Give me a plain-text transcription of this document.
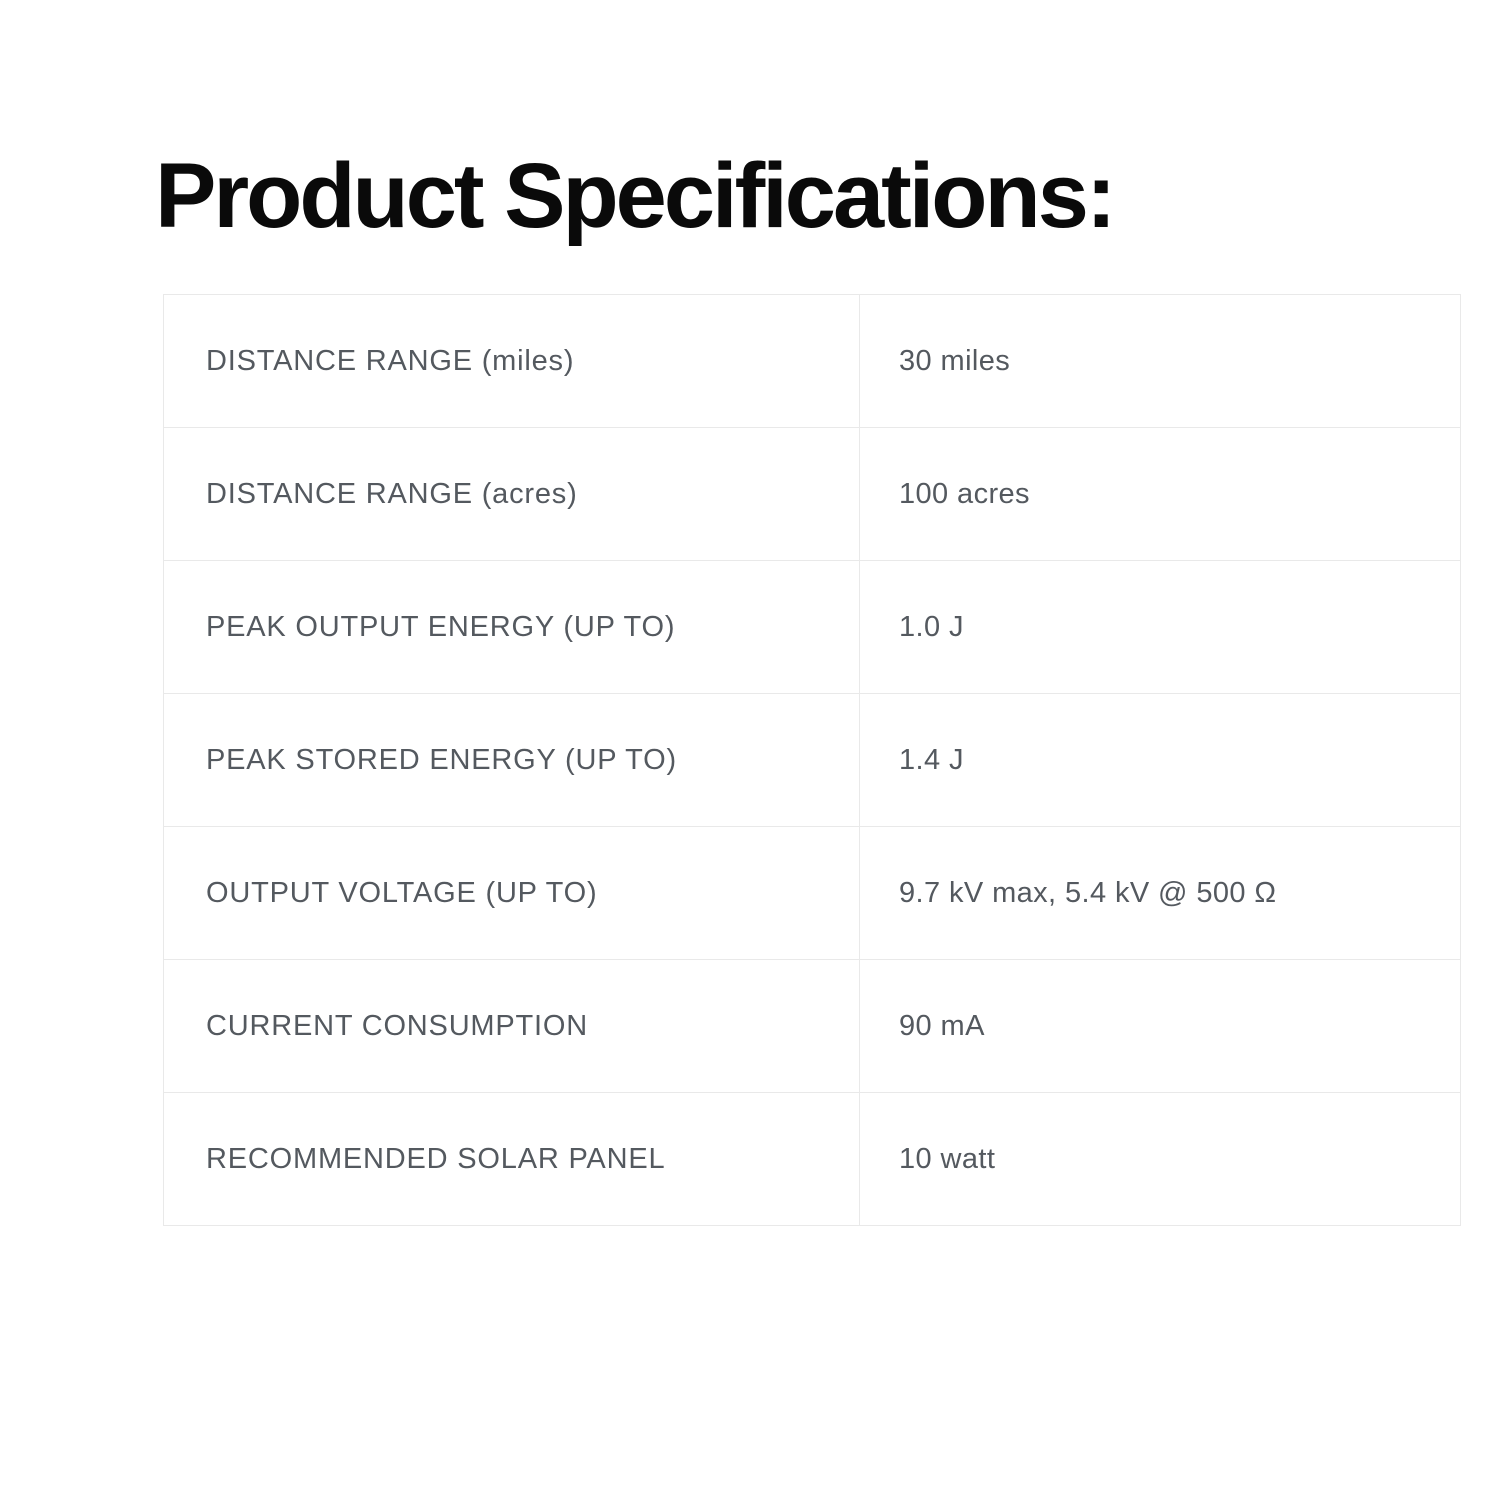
Product Specifications:
DISTANCE RANGE (miles)	30 miles
DISTANCE RANGE (acres)	100 acres
PEAK OUTPUT ENERGY (UP TO)	1.0 J
PEAK STORED ENERGY (UP TO)	1.4 J
OUTPUT VOLTAGE (UP TO)	9.7 kV max, 5.4 kV @ 500 Ω
CURRENT CONSUMPTION	90 mA
RECOMMENDED SOLAR PANEL	10 watt
